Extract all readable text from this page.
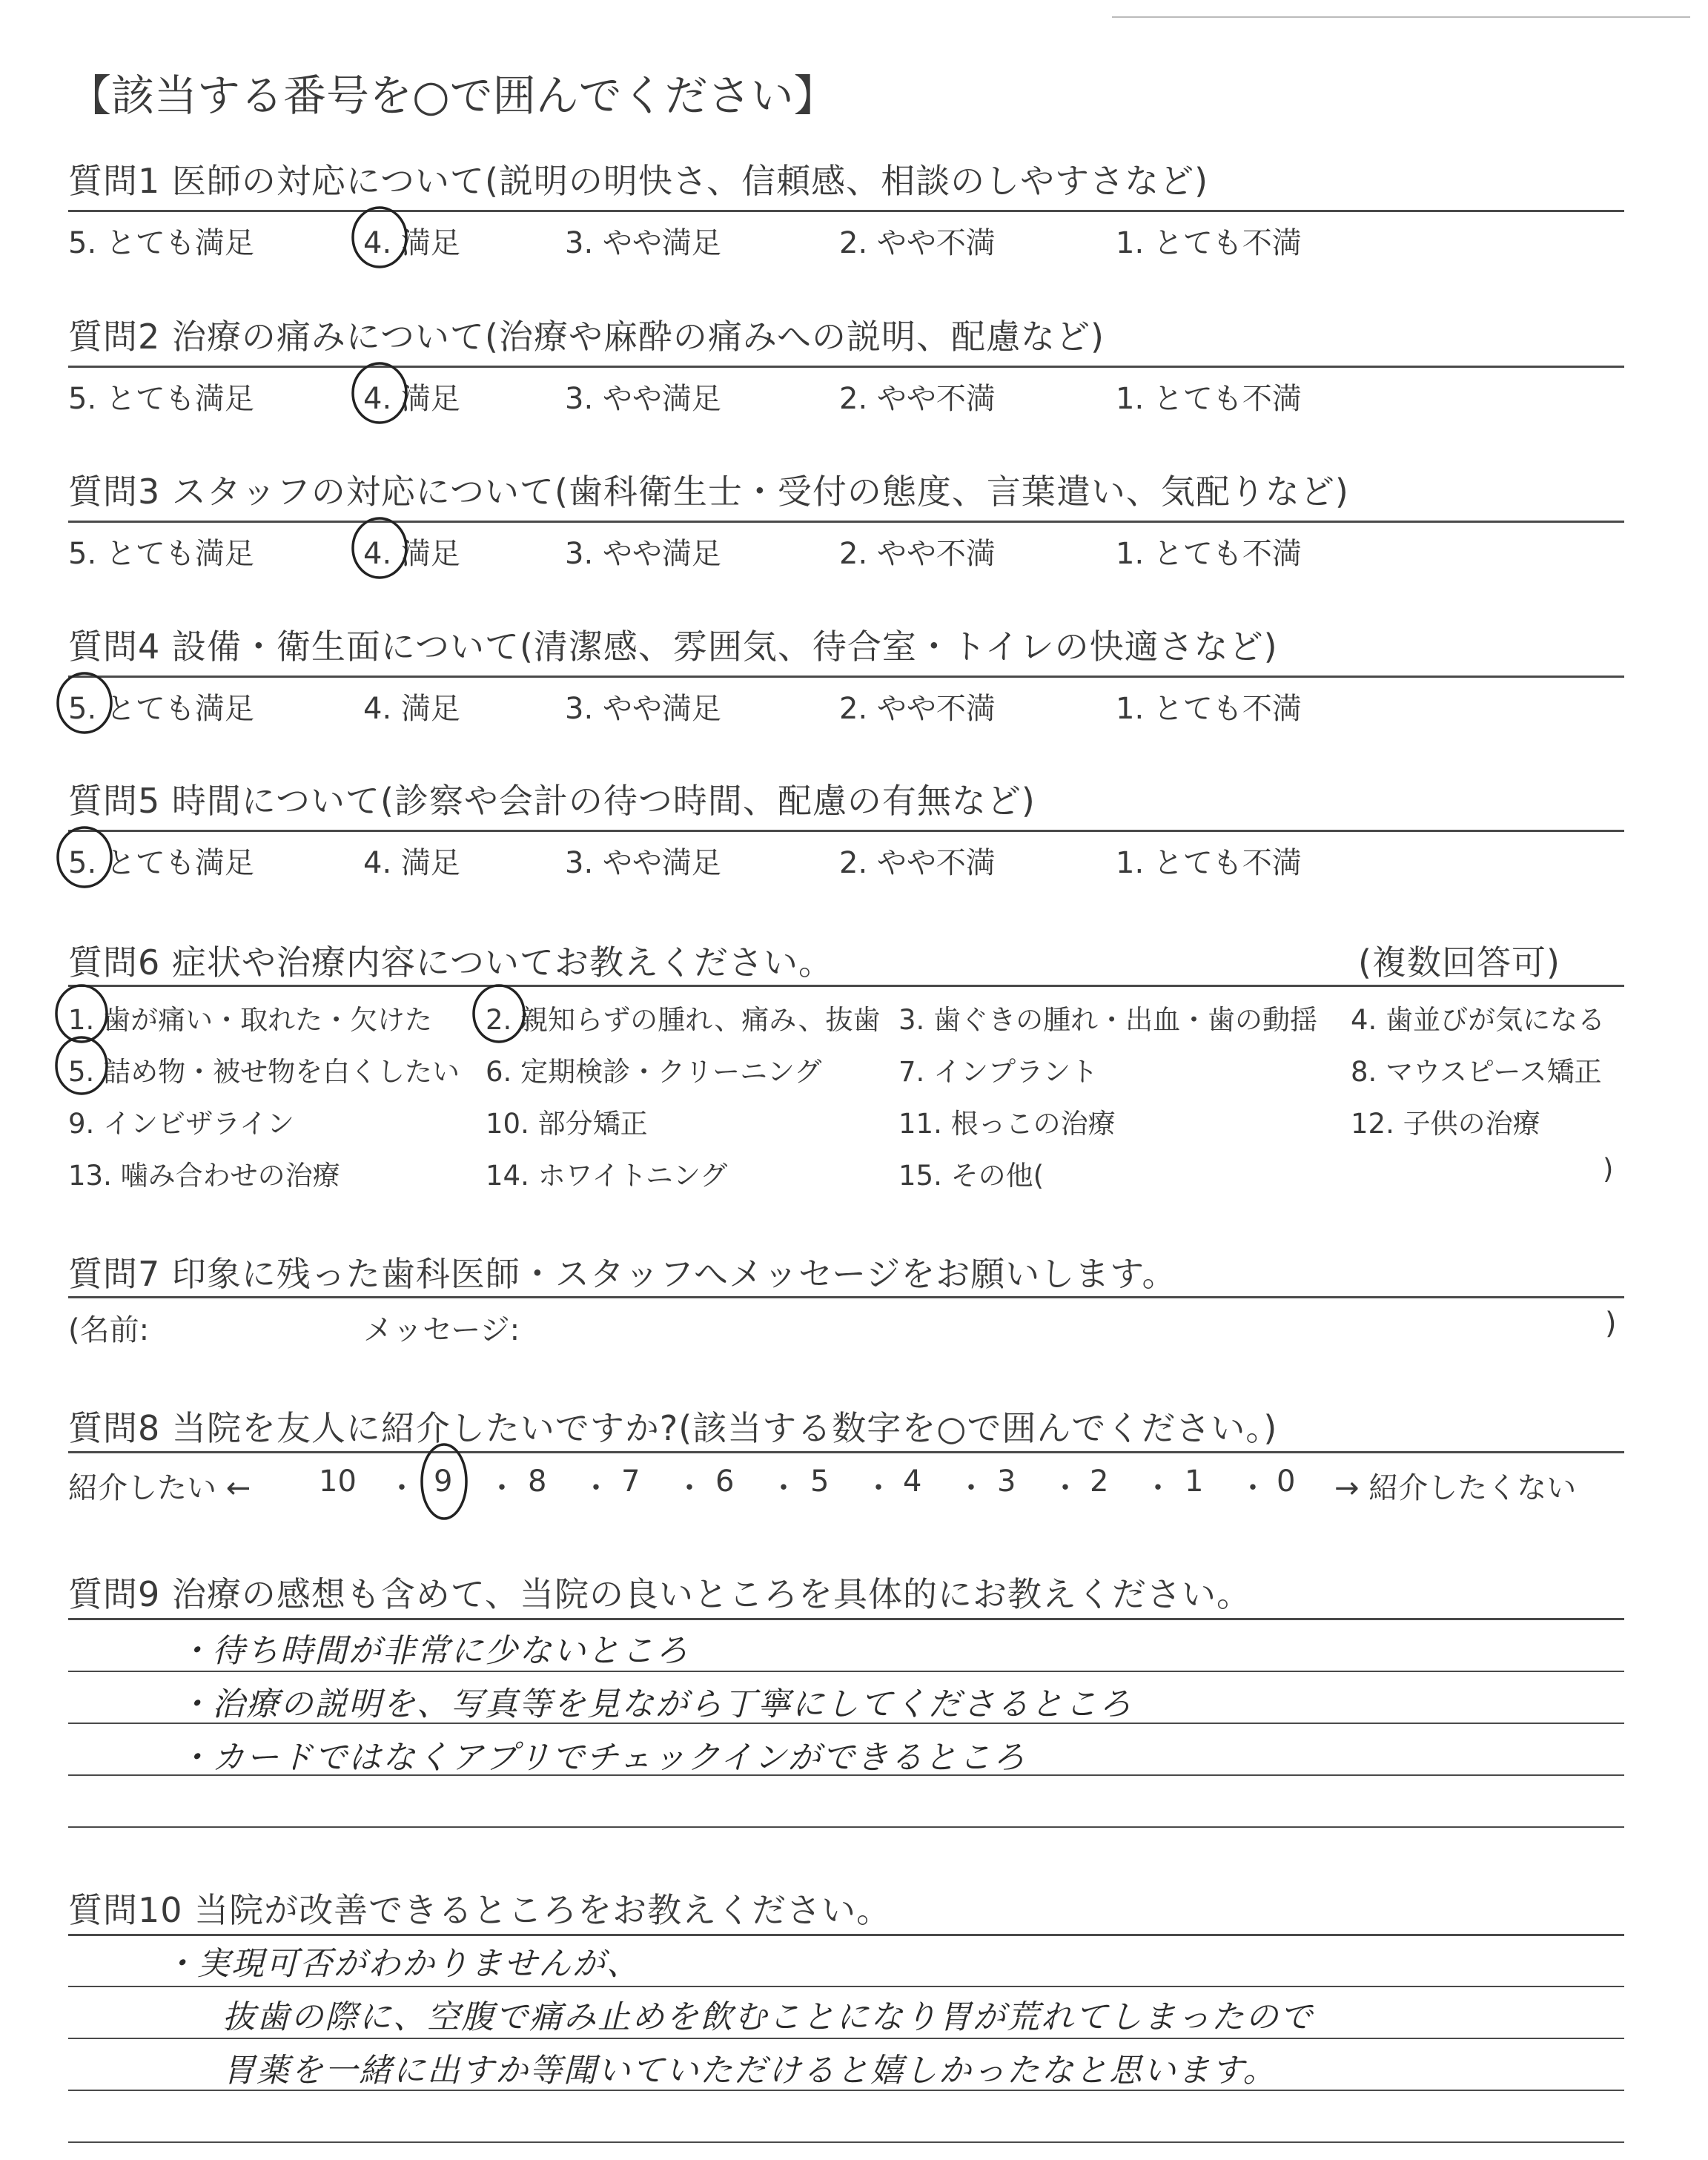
【該当する番号を○で囲んでください】
質問1 医師の対応について(説明の明快さ、信頼感、相談のしやすさなど)
5. とても満足	4. 満足	3. やや満足	2. やや不満	1. とても不満
質問2 治療の痛みについて(治療や麻酔の痛みへの説明、配慮など)
5. とても満足	4. 満足	3. やや満足	2. やや不満	1. とても不満
質問3 スタッフの対応について(歯科衛生士・受付の態度、言葉遣い、気配りなど)
5. とても満足	4. 満足	3. やや満足	2. やや不満	1. とても不満
質問4 設備・衛生面について(清潔感、雰囲気、待合室・トイレの快適さなど)
5. とても満足	4. 満足	3. やや満足	2. やや不満	1. とても不満
質問5 時間について(診察や会計の待つ時間、配慮の有無など)
5. とても満足	4. 満足	3. やや満足	2. やや不満	1. とても不満
質問6 症状や治療内容についてお教えください。	(複数回答可)
1. 歯が痛い・取れた・欠けた 2. 親知らずの腫れ、痛み、抜歯 3. 歯ぐきの腫れ・出血・歯の動揺 4. 歯並びが気になる
5. 詰め物・被せ物を白くしたい 6. 定期検診・クリーニング	7. インプラント	8. マウスピース矯正
9. インビザライン	10. 部分矯正	11. 根っこの治療	12. 子供の治療
13. 噛み合わせの治療	14. ホワイトニング	15. その他(	)
質問7 印象に残った歯科医師・スタッフへメッセージをお願いします。
(名前:	メッセージ:	)
質問8 当院を友人に紹介したいですか?(該当する数字を○で囲んでください。)
紹介したい ←	→ 紹介したくない
10 ・ 9 ・ 8 ・ 7 ・ 6 ・ 5 ・ 4 ・ 3 ・ 2 ・ 1 ・ 0
質問9 治療の感想も含めて、当院の良いところを具体的にお教えください。
・待ち時間が非常に少ないところ
・治療の説明を、写真等を見ながら丁寧にしてくださるところ
・カードではなくアプリでチェックインができるところ
質問10 当院が改善できるところをお教えください。
・実現可否がわかりませんが、
抜歯の際に、空腹で痛み止めを飲むことになり胃が荒れてしまったので
胃薬を一緒に出すか等聞いていただけると嬉しかったなと思います。
